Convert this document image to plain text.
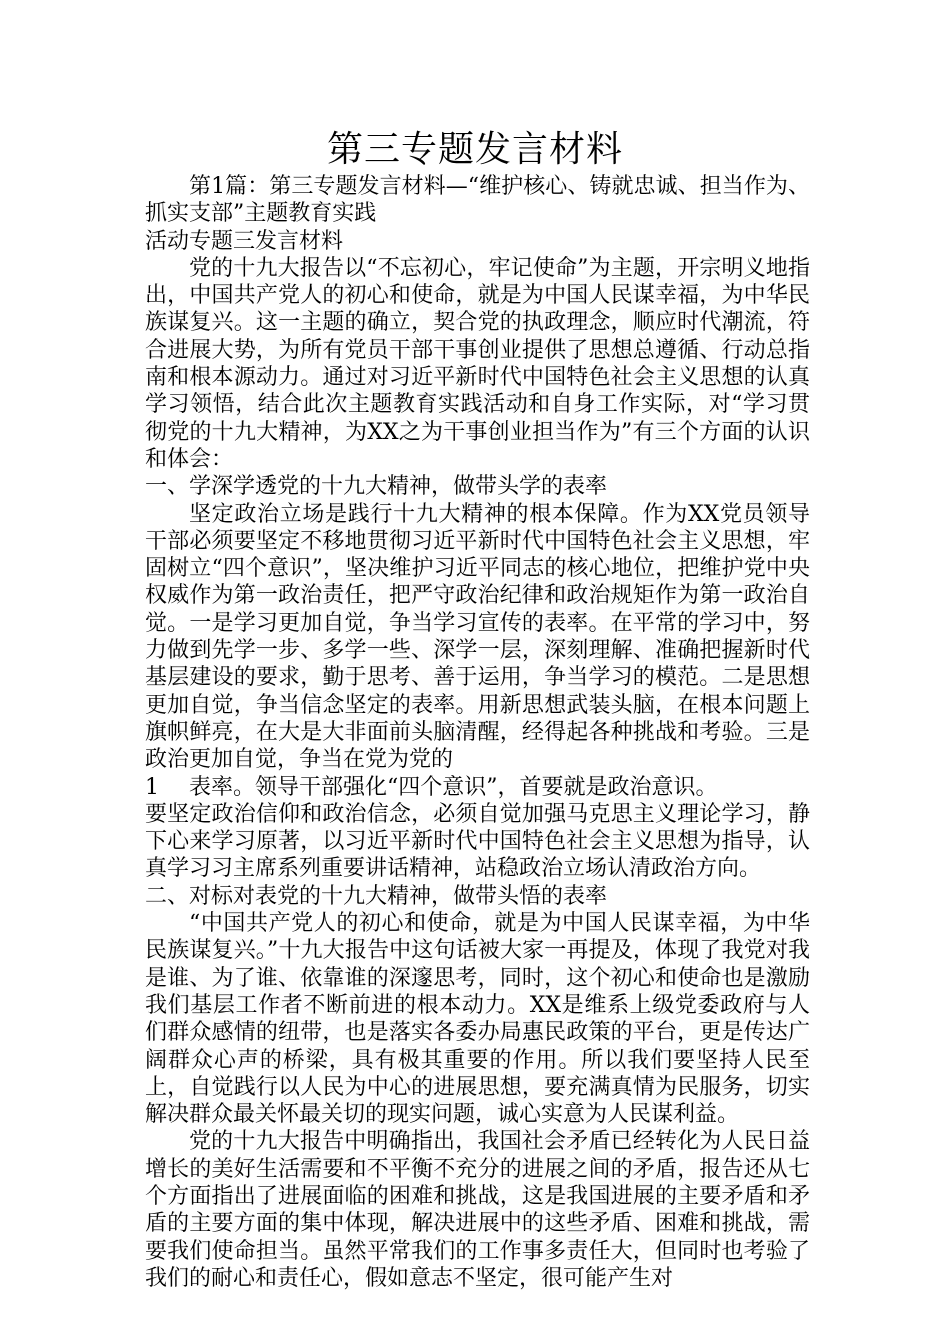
第三专题发言材料

第1篇：第三专题发言材料—“维护核心、铸就忠诚、担当作为、抓实支部”主题教育实践

活动专题三发言材料

党的十九大报告以“不忘初心，牢记使命”为主题，开宗明义地指出，中国共产党人的初心和使命，就是为中国人民谋幸福，为中华民族谋复兴。这一主题的确立，契合党的执政理念，顺应时代潮流，符合进展大势，为所有党员干部干事创业提供了思想总遵循、行动总指南和根本源动力。通过对习近平新时代中国特色社会主义思想的认真学习领悟，结合此次主题教育实践活动和自身工作实际，对“学习贯彻党的十九大精神，为XX之为干事创业担当作为”有三个方面的认识和体会：

一、学深学透党的十九大精神，做带头学的表率

坚定政治立场是践行十九大精神的根本保障。作为XX党员领导干部必须要坚定不移地贯彻习近平新时代中国特色社会主义思想，牢固树立“四个意识”，坚决维护习近平同志的核心地位，把维护党中央权威作为第一政治责任，把严守政治纪律和政治规矩作为第一政治自觉。一是学习更加自觉，争当学习宣传的表率。在平常的学习中，努力做到先学一步、多学一些、深学一层，深刻理解、准确把握新时代基层建设的要求，勤于思考、善于运用，争当学习的模范。二是思想更加自觉，争当信念坚定的表率。用新思想武装头脑，在根本问题上旗帜鲜亮，在大是大非面前头脑清醒，经得起各种挑战和考验。三是政治更加自觉，争当在党为党的

1 表率。领导干部强化“四个意识”，首要就是政治意识。

要坚定政治信仰和政治信念，必须自觉加强马克思主义理论学习，静下心来学习原著，以习近平新时代中国特色社会主义思想为指导，认真学习习主席系列重要讲话精神，站稳政治立场认清政治方向。

二、对标对表党的十九大精神，做带头悟的表率

“中国共产党人的初心和使命，就是为中国人民谋幸福，为中华民族谋复兴。”十九大报告中这句话被大家一再提及，体现了我党对我是谁、为了谁、依靠谁的深邃思考，同时，这个初心和使命也是激励我们基层工作者不断前进的根本动力。XX是维系上级党委政府与人们群众感情的纽带，也是落实各委办局惠民政策的平台，更是传达广阔群众心声的桥梁，具有极其重要的作用。所以我们要坚持人民至上，自觉践行以人民为中心的进展思想，要充满真情为民服务，切实解决群众最关怀最关切的现实问题，诚心实意为人民谋利益。

党的十九大报告中明确指出，我国社会矛盾已经转化为人民日益增长的美好生活需要和不平衡不充分的进展之间的矛盾，报告还从七个方面指出了进展面临的困难和挑战，这是我国进展的主要矛盾和矛盾的主要方面的集中体现，解决进展中的这些矛盾、困难和挑战，需要我们使命担当。虽然平常我们的工作事多责任大，但同时也考验了我们的耐心和责任心，假如意志不坚定，很可能产生对
